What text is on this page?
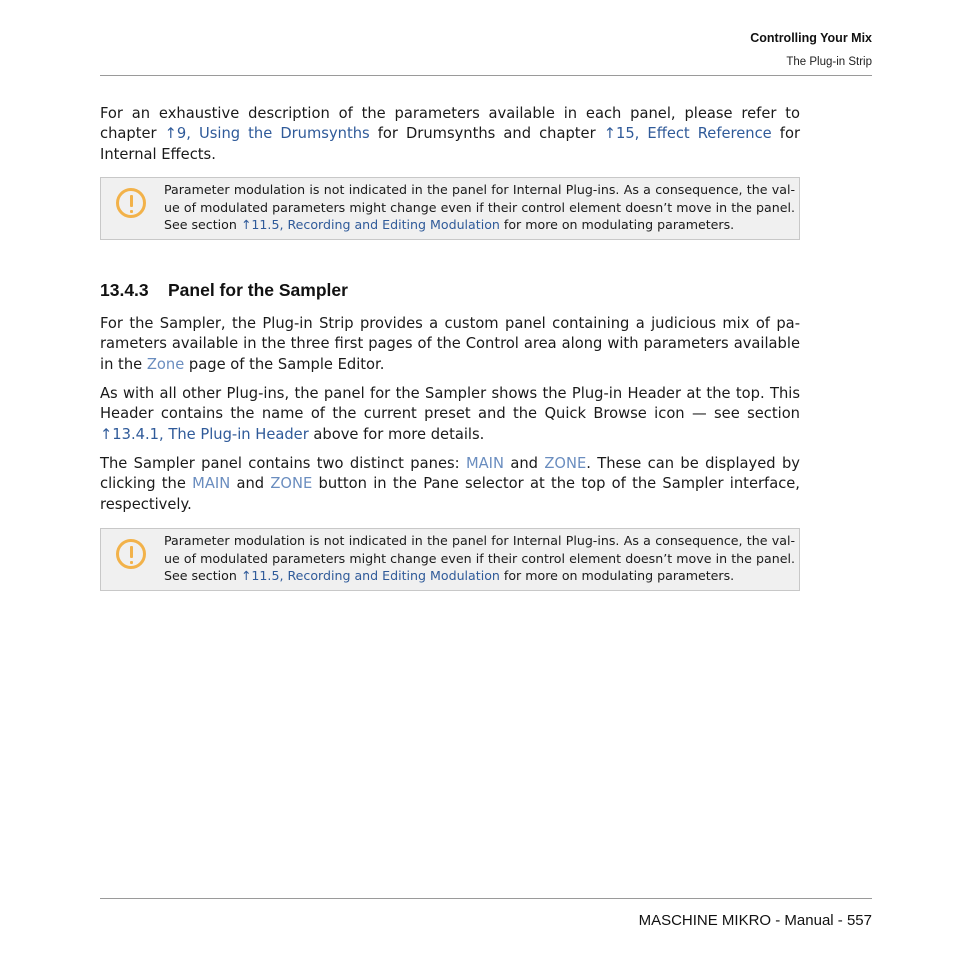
Controlling Your Mix
The Plug-in Strip

For an exhaustive description of the parameters available in each panel, please refer to chapter ↑9, Using the Drumsynths for Drumsynths and chapter ↑15, Effect Reference for Internal Effects.

Parameter modulation is not indicated in the panel for Internal Plug-ins. As a consequence, the value of modulated parameters might change even if their control element doesn’t move in the panel. See section ↑11.5, Recording and Editing Modulation for more on modulating parameters.
13.4.3 Panel for the Sampler

For the Sampler, the Plug-in Strip provides a custom panel containing a judicious mix of parameters available in the three first pages of the Control area along with parameters available in the Zone page of the Sample Editor.

As with all other Plug-ins, the panel for the Sampler shows the Plug-in Header at the top. This Header contains the name of the current preset and the Quick Browse icon — see section ↑13.4.1, The Plug-in Header above for more details.

The Sampler panel contains two distinct panes: MAIN and ZONE. These can be displayed by clicking the MAIN and ZONE button in the Pane selector at the top of the Sampler interface, respectively.

Parameter modulation is not indicated in the panel for Internal Plug-ins. As a consequence, the value of modulated parameters might change even if their control element doesn’t move in the panel. See section ↑11.5, Recording and Editing Modulation for more on modulating parameters.
MASCHINE MIKRO - Manual - 557
